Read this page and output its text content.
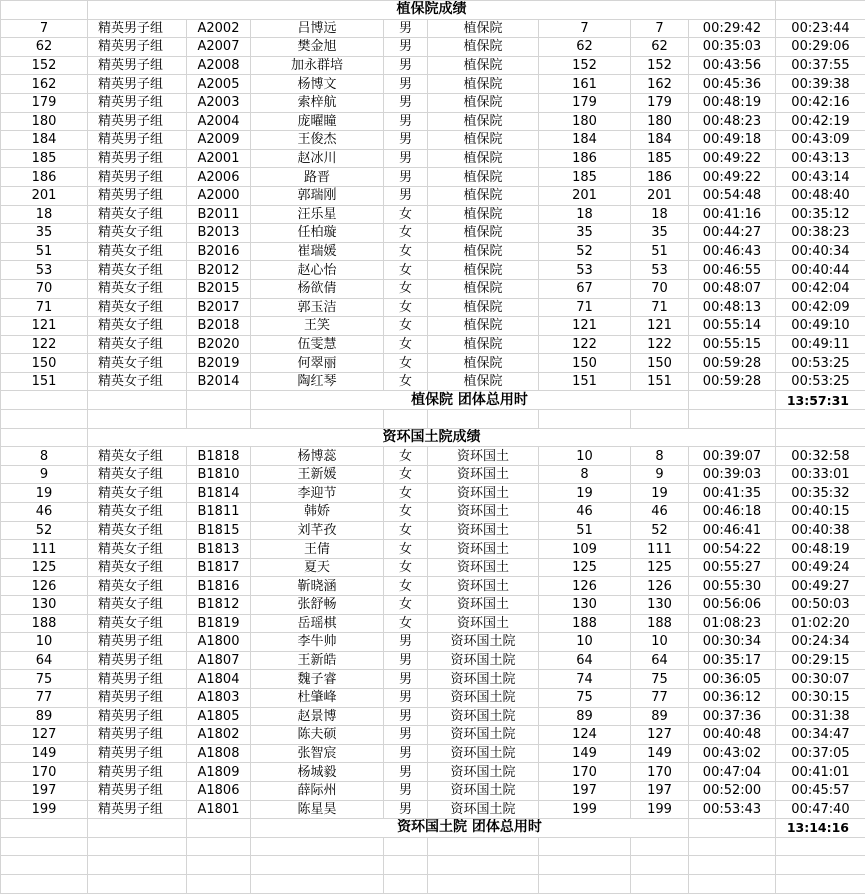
	植保院成绩								
7	精英男子组	A2002	吕博远	男	植保院	7	7	00:29:42	00:23:44
62	精英男子组	A2007	樊金旭	男	植保院	62	62	00:35:03	00:29:06
152	精英男子组	A2008	加永群培	男	植保院	152	152	00:43:56	00:37:55
162	精英男子组	A2005	杨博文	男	植保院	161	162	00:45:36	00:39:38
179	精英男子组	A2003	索梓航	男	植保院	179	179	00:48:19	00:42:16
180	精英男子组	A2004	庞曜瞳	男	植保院	180	180	00:48:23	00:42:19
184	精英男子组	A2009	王俊杰	男	植保院	184	184	00:49:18	00:43:09
185	精英男子组	A2001	赵冰川	男	植保院	186	185	00:49:22	00:43:13
186	精英男子组	A2006	路晋	男	植保院	185	186	00:49:22	00:43:14
201	精英男子组	A2000	郭瑞刚	男	植保院	201	201	00:54:48	00:48:40
18	精英女子组	B2011	汪乐星	女	植保院	18	18	00:41:16	00:35:12
35	精英女子组	B2013	任柏璇	女	植保院	35	35	00:44:27	00:38:23
51	精英女子组	B2016	崔瑞媛	女	植保院	52	51	00:46:43	00:40:34
53	精英女子组	B2012	赵心怡	女	植保院	53	53	00:46:55	00:40:44
70	精英女子组	B2015	杨欲倩	女	植保院	67	70	00:48:07	00:42:04
71	精英女子组	B2017	郭玉洁	女	植保院	71	71	00:48:13	00:42:09
121	精英女子组	B2018	王笑	女	植保院	121	121	00:55:14	00:49:10
122	精英女子组	B2020	伍雯慧	女	植保院	122	122	00:55:15	00:49:11
150	精英女子组	B2019	何翠丽	女	植保院	150	150	00:59:28	00:53:25
151	精英女子组	B2014	陶红琴	女	植保院	151	151	00:59:28	00:53:25
			植保院 团体总用时						13:57:31

	资环国土院成绩								
8	精英女子组	B1818	杨博蕊	女	资环国土	10	8	00:39:07	00:32:58
9	精英女子组	B1810	王新媛	女	资环国土	8	9	00:39:03	00:33:01
19	精英女子组	B1814	李迎节	女	资环国土	19	19	00:41:35	00:35:32
46	精英女子组	B1811	韩娇	女	资环国土	46	46	00:46:18	00:40:15
52	精英女子组	B1815	刘芊孜	女	资环国土	51	52	00:46:41	00:40:38
111	精英女子组	B1813	王倩	女	资环国土	109	111	00:54:22	00:48:19
125	精英女子组	B1817	夏天	女	资环国土	125	125	00:55:27	00:49:24
126	精英女子组	B1816	靳晓涵	女	资环国土	126	126	00:55:30	00:49:27
130	精英女子组	B1812	张舒畅	女	资环国土	130	130	00:56:06	00:50:03
188	精英女子组	B1819	岳瑶棋	女	资环国土	188	188	01:08:23	01:02:20
10	精英男子组	A1800	李牛帅	男	资环国土院	10	10	00:30:34	00:24:34
64	精英男子组	A1807	王新皓	男	资环国土院	64	64	00:35:17	00:29:15
75	精英男子组	A1804	魏子睿	男	资环国土院	74	75	00:36:05	00:30:07
77	精英男子组	A1803	杜肇峰	男	资环国土院	75	77	00:36:12	00:30:15
89	精英男子组	A1805	赵景博	男	资环国土院	89	89	00:37:36	00:31:38
127	精英男子组	A1802	陈夫硕	男	资环国土院	124	127	00:40:48	00:34:47
149	精英男子组	A1808	张智宸	男	资环国土院	149	149	00:43:02	00:37:05
170	精英男子组	A1809	杨城毅	男	资环国土院	170	170	00:47:04	00:41:01
197	精英男子组	A1806	薛际州	男	资环国土院	197	197	00:52:00	00:45:57
199	精英男子组	A1801	陈星昊	男	资环国土院	199	199	00:53:43	00:47:40
			资环国土院 团体总用时						13:14:16
